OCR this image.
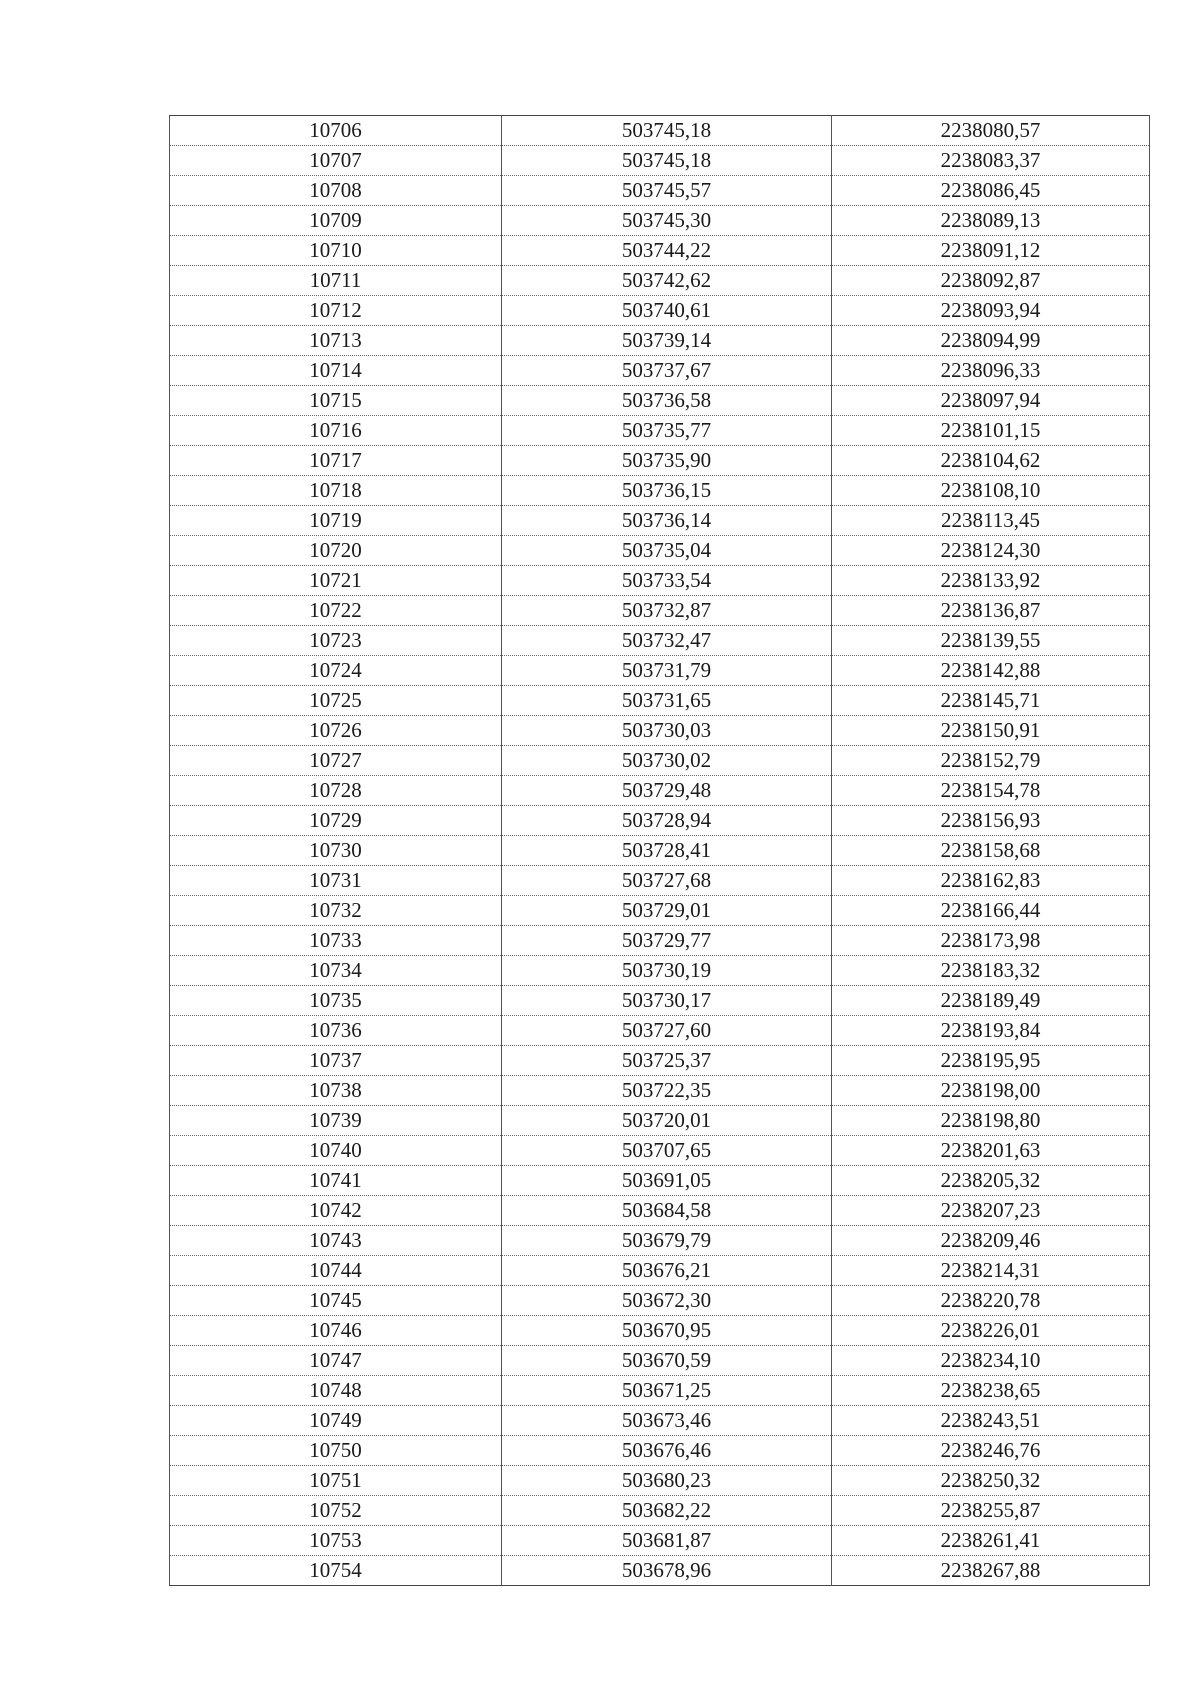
10706	503745,18	2238080,57
10707	503745,18	2238083,37
10708	503745,57	2238086,45
10709	503745,30	2238089,13
10710	503744,22	2238091,12
10711	503742,62	2238092,87
10712	503740,61	2238093,94
10713	503739,14	2238094,99
10714	503737,67	2238096,33
10715	503736,58	2238097,94
10716	503735,77	2238101,15
10717	503735,90	2238104,62
10718	503736,15	2238108,10
10719	503736,14	2238113,45
10720	503735,04	2238124,30
10721	503733,54	2238133,92
10722	503732,87	2238136,87
10723	503732,47	2238139,55
10724	503731,79	2238142,88
10725	503731,65	2238145,71
10726	503730,03	2238150,91
10727	503730,02	2238152,79
10728	503729,48	2238154,78
10729	503728,94	2238156,93
10730	503728,41	2238158,68
10731	503727,68	2238162,83
10732	503729,01	2238166,44
10733	503729,77	2238173,98
10734	503730,19	2238183,32
10735	503730,17	2238189,49
10736	503727,60	2238193,84
10737	503725,37	2238195,95
10738	503722,35	2238198,00
10739	503720,01	2238198,80
10740	503707,65	2238201,63
10741	503691,05	2238205,32
10742	503684,58	2238207,23
10743	503679,79	2238209,46
10744	503676,21	2238214,31
10745	503672,30	2238220,78
10746	503670,95	2238226,01
10747	503670,59	2238234,10
10748	503671,25	2238238,65
10749	503673,46	2238243,51
10750	503676,46	2238246,76
10751	503680,23	2238250,32
10752	503682,22	2238255,87
10753	503681,87	2238261,41
10754	503678,96	2238267,88
